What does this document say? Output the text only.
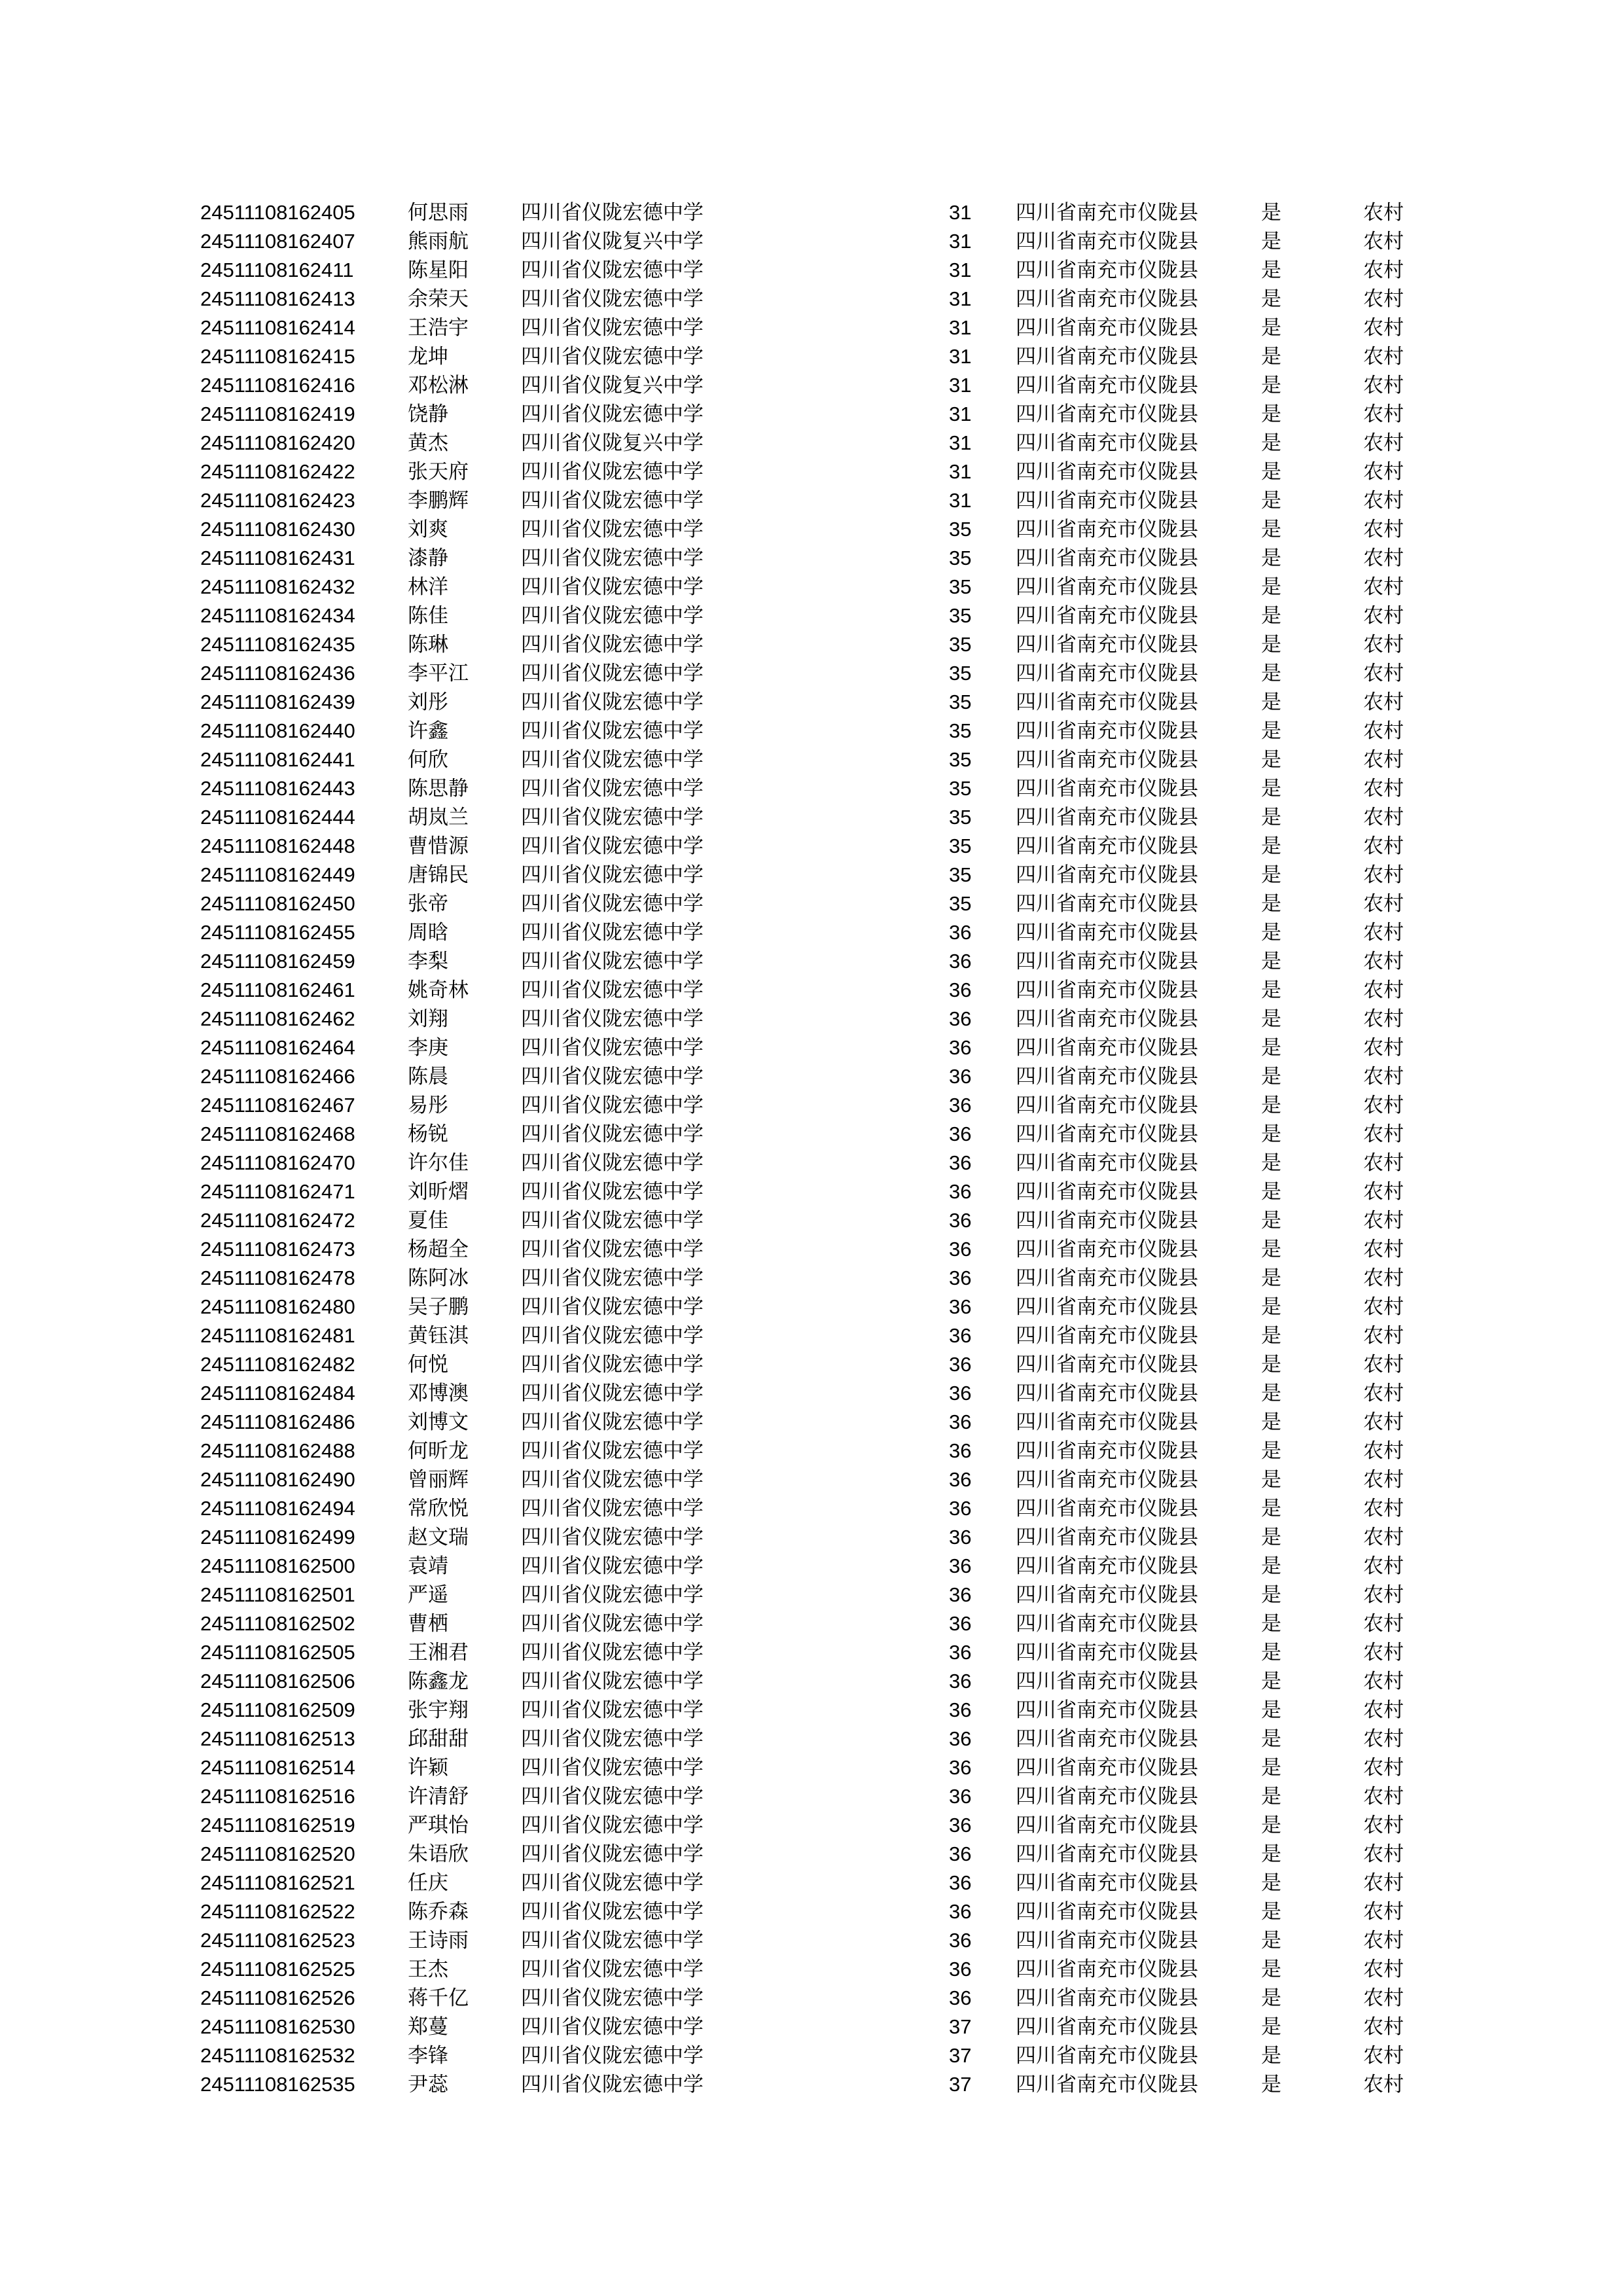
24511108162405	何思雨	四川省仪陇宏德中学	31 四川省南充市仪陇县	是	农村
24511108162407	熊雨航	四川省仪陇复兴中学	31 四川省南充市仪陇县	是	农村
24511108162411	陈星阳	四川省仪陇宏德中学	31 四川省南充市仪陇县	是	农村
24511108162413	余荣天	四川省仪陇宏德中学	31 四川省南充市仪陇县	是	农村
24511108162414	王浩宇	四川省仪陇宏德中学	31 四川省南充市仪陇县	是	农村
24511108162415	龙坤	四川省仪陇宏德中学	31 四川省南充市仪陇县	是	农村
24511108162416	邓松淋	四川省仪陇复兴中学	31 四川省南充市仪陇县	是	农村
24511108162419	饶静	四川省仪陇宏德中学	31 四川省南充市仪陇县	是	农村
24511108162420	黄杰	四川省仪陇复兴中学	31 四川省南充市仪陇县	是	农村
24511108162422	张天府	四川省仪陇宏德中学	31 四川省南充市仪陇县	是	农村
24511108162423	李鹏辉	四川省仪陇宏德中学	31 四川省南充市仪陇县	是	农村
24511108162430	刘爽	四川省仪陇宏德中学	35 四川省南充市仪陇县	是	农村
24511108162431	漆静	四川省仪陇宏德中学	35 四川省南充市仪陇县	是	农村
24511108162432	林洋	四川省仪陇宏德中学	35 四川省南充市仪陇县	是	农村
24511108162434	陈佳	四川省仪陇宏德中学	35 四川省南充市仪陇县	是	农村
24511108162435	陈琳	四川省仪陇宏德中学	35 四川省南充市仪陇县	是	农村
24511108162436	李平江	四川省仪陇宏德中学	35 四川省南充市仪陇县	是	农村
24511108162439	刘彤	四川省仪陇宏德中学	35 四川省南充市仪陇县	是	农村
24511108162440	许鑫	四川省仪陇宏德中学	35 四川省南充市仪陇县	是	农村
24511108162441	何欣	四川省仪陇宏德中学	35 四川省南充市仪陇县	是	农村
24511108162443	陈思静	四川省仪陇宏德中学	35 四川省南充市仪陇县	是	农村
24511108162444	胡岚兰	四川省仪陇宏德中学	35 四川省南充市仪陇县	是	农村
24511108162448	曹惜源	四川省仪陇宏德中学	35 四川省南充市仪陇县	是	农村
24511108162449	唐锦民	四川省仪陇宏德中学	35 四川省南充市仪陇县	是	农村
24511108162450	张帝	四川省仪陇宏德中学	35 四川省南充市仪陇县	是	农村
24511108162455	周晗	四川省仪陇宏德中学	36 四川省南充市仪陇县	是	农村
24511108162459	李梨	四川省仪陇宏德中学	36 四川省南充市仪陇县	是	农村
24511108162461	姚奇林	四川省仪陇宏德中学	36 四川省南充市仪陇县	是	农村
24511108162462	刘翔	四川省仪陇宏德中学	36 四川省南充市仪陇县	是	农村
24511108162464	李庚	四川省仪陇宏德中学	36 四川省南充市仪陇县	是	农村
24511108162466	陈晨	四川省仪陇宏德中学	36 四川省南充市仪陇县	是	农村
24511108162467	易彤	四川省仪陇宏德中学	36 四川省南充市仪陇县	是	农村
24511108162468	杨锐	四川省仪陇宏德中学	36 四川省南充市仪陇县	是	农村
24511108162470	许尔佳	四川省仪陇宏德中学	36 四川省南充市仪陇县	是	农村
24511108162471	刘昕熠	四川省仪陇宏德中学	36 四川省南充市仪陇县	是	农村
24511108162472	夏佳	四川省仪陇宏德中学	36 四川省南充市仪陇县	是	农村
24511108162473	杨超全	四川省仪陇宏德中学	36 四川省南充市仪陇县	是	农村
24511108162478	陈阿冰	四川省仪陇宏德中学	36 四川省南充市仪陇县	是	农村
24511108162480	吴子鹏	四川省仪陇宏德中学	36 四川省南充市仪陇县	是	农村
24511108162481	黄钰淇	四川省仪陇宏德中学	36 四川省南充市仪陇县	是	农村
24511108162482	何悦	四川省仪陇宏德中学	36 四川省南充市仪陇县	是	农村
24511108162484	邓博澳	四川省仪陇宏德中学	36 四川省南充市仪陇县	是	农村
24511108162486	刘博文	四川省仪陇宏德中学	36 四川省南充市仪陇县	是	农村
24511108162488	何昕龙	四川省仪陇宏德中学	36 四川省南充市仪陇县	是	农村
24511108162490	曾丽辉	四川省仪陇宏德中学	36 四川省南充市仪陇县	是	农村
24511108162494	常欣悦	四川省仪陇宏德中学	36 四川省南充市仪陇县	是	农村
24511108162499	赵文瑞	四川省仪陇宏德中学	36 四川省南充市仪陇县	是	农村
24511108162500	袁靖	四川省仪陇宏德中学	36 四川省南充市仪陇县	是	农村
24511108162501	严遥	四川省仪陇宏德中学	36 四川省南充市仪陇县	是	农村
24511108162502	曹栖	四川省仪陇宏德中学	36 四川省南充市仪陇县	是	农村
24511108162505	王湘君	四川省仪陇宏德中学	36 四川省南充市仪陇县	是	农村
24511108162506	陈鑫龙	四川省仪陇宏德中学	36 四川省南充市仪陇县	是	农村
24511108162509	张宇翔	四川省仪陇宏德中学	36 四川省南充市仪陇县	是	农村
24511108162513	邱甜甜	四川省仪陇宏德中学	36 四川省南充市仪陇县	是	农村
24511108162514	许颖	四川省仪陇宏德中学	36 四川省南充市仪陇县	是	农村
24511108162516	许清舒	四川省仪陇宏德中学	36 四川省南充市仪陇县	是	农村
24511108162519	严琪怡	四川省仪陇宏德中学	36 四川省南充市仪陇县	是	农村
24511108162520	朱语欣	四川省仪陇宏德中学	36 四川省南充市仪陇县	是	农村
24511108162521	任庆	四川省仪陇宏德中学	36 四川省南充市仪陇县	是	农村
24511108162522	陈乔森	四川省仪陇宏德中学	36 四川省南充市仪陇县	是	农村
24511108162523	王诗雨	四川省仪陇宏德中学	36 四川省南充市仪陇县	是	农村
24511108162525	王杰	四川省仪陇宏德中学	36 四川省南充市仪陇县	是	农村
24511108162526	蒋千亿	四川省仪陇宏德中学	36 四川省南充市仪陇县	是	农村
24511108162530	郑蔓	四川省仪陇宏德中学	37 四川省南充市仪陇县	是	农村
24511108162532	李锋	四川省仪陇宏德中学	37 四川省南充市仪陇县	是	农村
24511108162535	尹蕊	四川省仪陇宏德中学	37 四川省南充市仪陇县	是	农村
